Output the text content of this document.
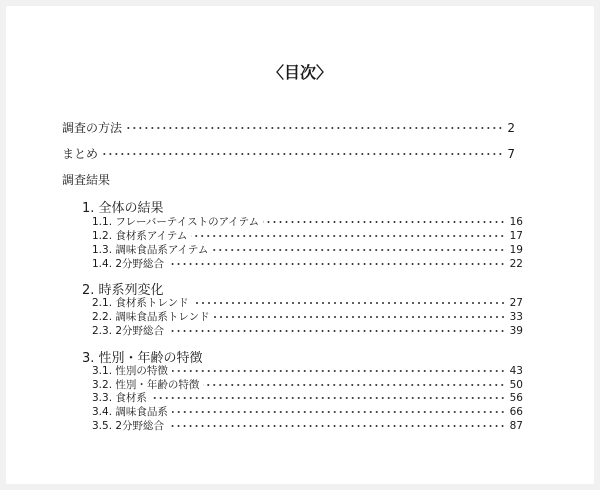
〈目次〉
調査の方法	2
まとめ	7
調査結果
1. 全体の結果
1.1. フレーバーテイストのアイテム	16
1.2. 食材系アイテム	17
1.3. 調味食品系アイテム	19
1.4. 2分野総合	22
2. 時系列変化
2.1. 食材系トレンド	27
2.2. 調味食品系トレンド	33
2.3. 2分野総合	39
3. 性別・年齢の特徴
3.1. 性別の特徴	43
3.2. 性別・年齢の特徴	50
3.3. 食材系	56
3.4. 調味食品系	66
3.5. 2分野総合	87
